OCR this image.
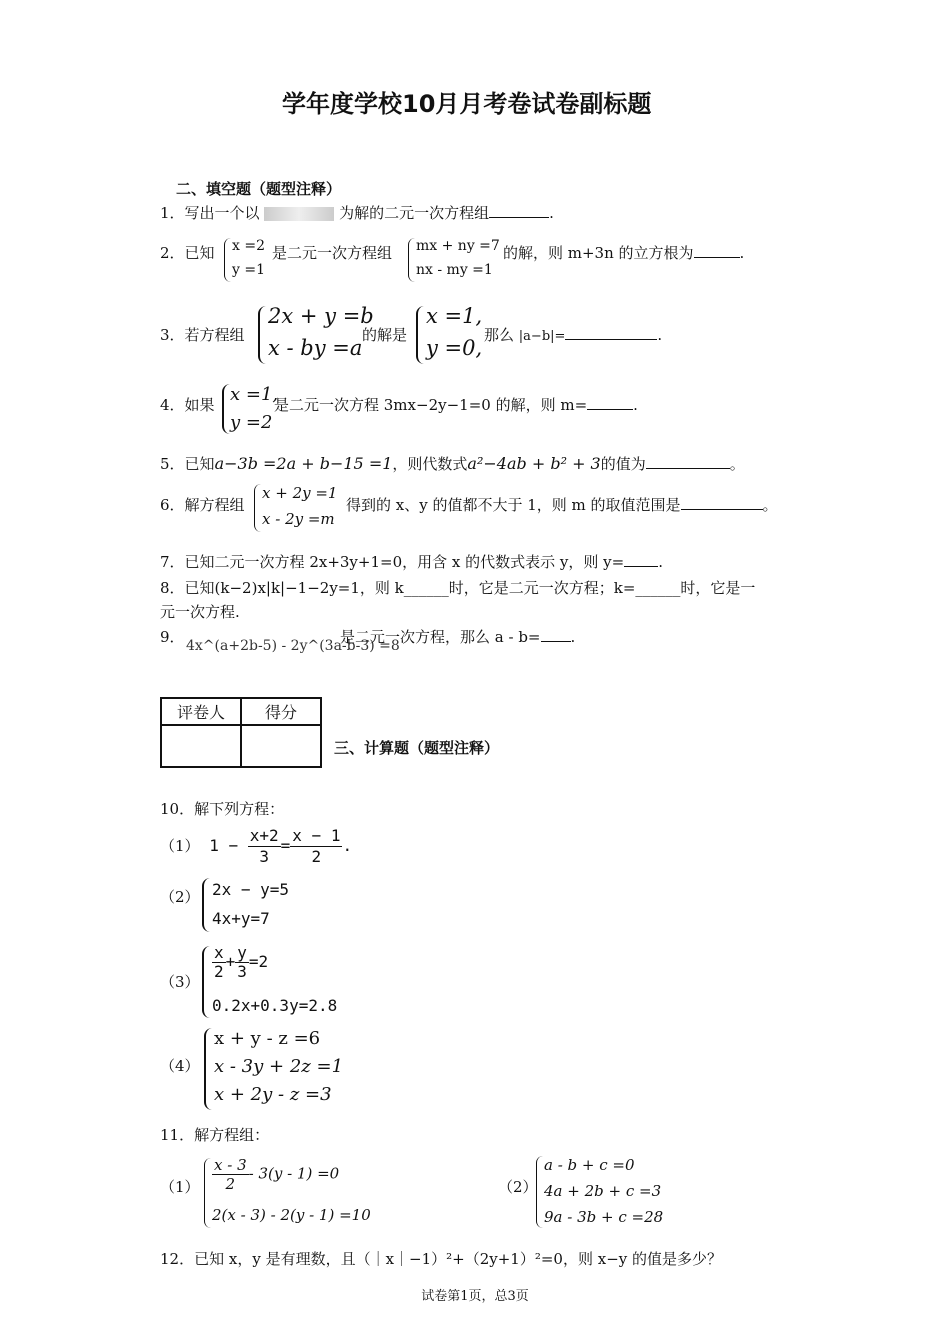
学年度学校10月月考卷试卷副标题
二、填空题（题型注释）
1．写出一个以	为解的二元一次方程组	.
2．已知 x =2
y =1
是二元一次方程组 mx + ny =7
nx - my =1
的解，则 m+3n 的立方根为	.
3．若方程组
2x + y =b
x - by =a
的解是
x =1,
y =0,
那么 |a−b|=	.
4．如果 x =1,
y =2
是二元一次方程 3mx−2y−1=0 的解，则 m=	.
5．已知a−3b =2a + b−15 =1，则代数式a²−4ab + b² + 3的值为	。
6．解方程组
x + 2y =1
x - 2y =m
得到的 x、y 的值都不大于 1，则 m 的取值范围是	。
7．已知二元一次方程 2x+3y+1=0，用含 x 的代数式表示 y，则 y= .
8．已知(k−2)x|k|−1−2y=1，则 k______时，它是二元一次方程；k=______时，它是一
元一次方程.
9． 4x^(a+2b-5) - 2y^(3a-b-3) =8
是二元一次方程，那么 a - b= .
评卷人	得分

三、计算题（题型注释）
10．解下列方程：
（1） $1 - \frac{x+2}{3} = \frac{x - 1}{2}$ .
（2） 2x − y=5
4x+y=7
（3）
$\frac{x}{2} + \frac{y}{3} =2$
0.2x+0.3y=2.8
（4）
x + y - z =6
x - 3y + 2z =1
x + 2y - z =3
11．解方程组：
$(1) \frac{x - 3}{2} - 3(y - 1) =0$
2(x - 3) - 2(y - 1) =10
（2）
a - b + c =0
4a + 2b + c =3
9a - 3b + c =28
12．已知 x，y 是有理数，且（｜x｜−1）²+（2y+1）²=0，则 x−y 的值是多少？
试卷第1页，总3页
